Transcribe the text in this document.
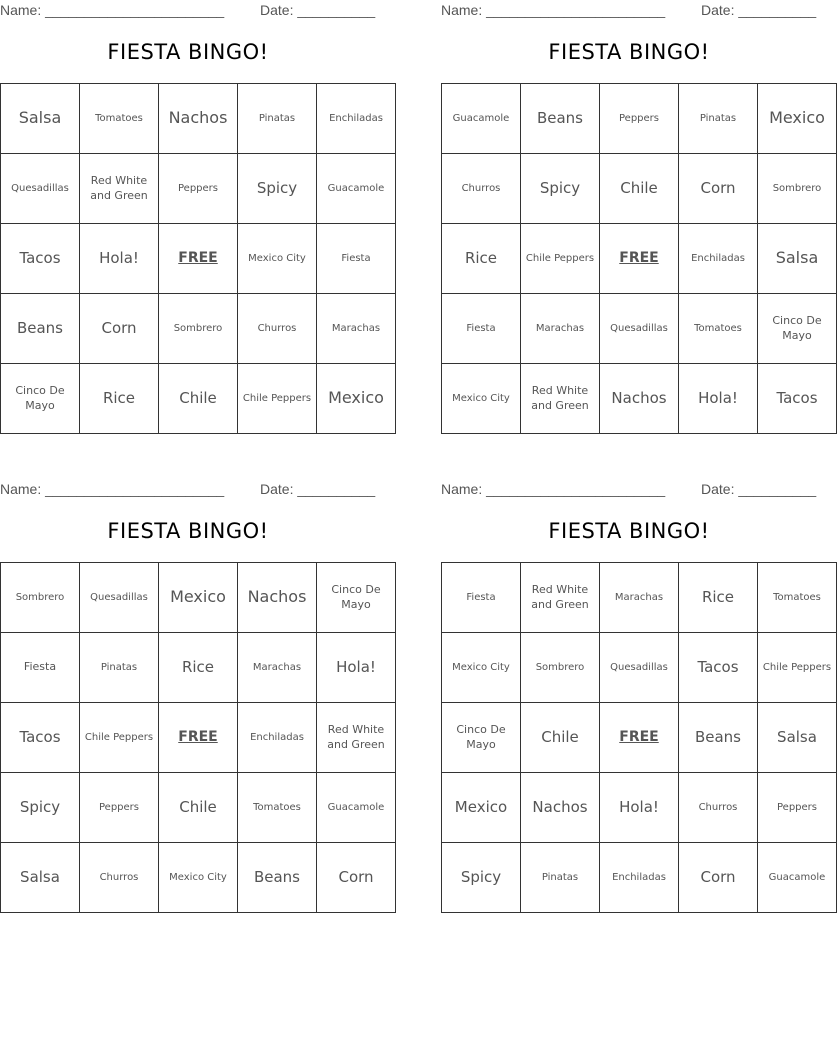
Name: _______________________	Date: __________
FIESTA BINGO!
Salsa	Tomatoes	Nachos	Pinatas	Enchiladas
Quesadillas	Red White and Green	Peppers	Spicy	Guacamole
Tacos	Hola!	FREE	Mexico City	Fiesta
Beans	Corn	Sombrero	Churros	Marachas
Cinco De Mayo	Rice	Chile	Chile Peppers	Mexico
Name: _______________________	Date: __________
FIESTA BINGO!
Guacamole	Beans	Peppers	Pinatas	Mexico
Churros	Spicy	Chile	Corn	Sombrero
Rice	Chile Peppers	FREE	Enchiladas	Salsa
Fiesta	Marachas	Quesadillas	Tomatoes	Cinco De Mayo
Mexico City	Red White and Green	Nachos	Hola!	Tacos
Name: _______________________	Date: __________
FIESTA BINGO!
Sombrero	Quesadillas	Mexico	Nachos	Cinco De Mayo
Fiesta	Pinatas	Rice	Marachas	Hola!
Tacos	Chile Peppers	FREE	Enchiladas	Red White and Green
Spicy	Peppers	Chile	Tomatoes	Guacamole
Salsa	Churros	Mexico City	Beans	Corn
Name: _______________________	Date: __________
FIESTA BINGO!
Fiesta	Red White and Green	Marachas	Rice	Tomatoes
Mexico City	Sombrero	Quesadillas	Tacos	Chile Peppers
Cinco De Mayo	Chile	FREE	Beans	Salsa
Mexico	Nachos	Hola!	Churros	Peppers
Spicy	Pinatas	Enchiladas	Corn	Guacamole
